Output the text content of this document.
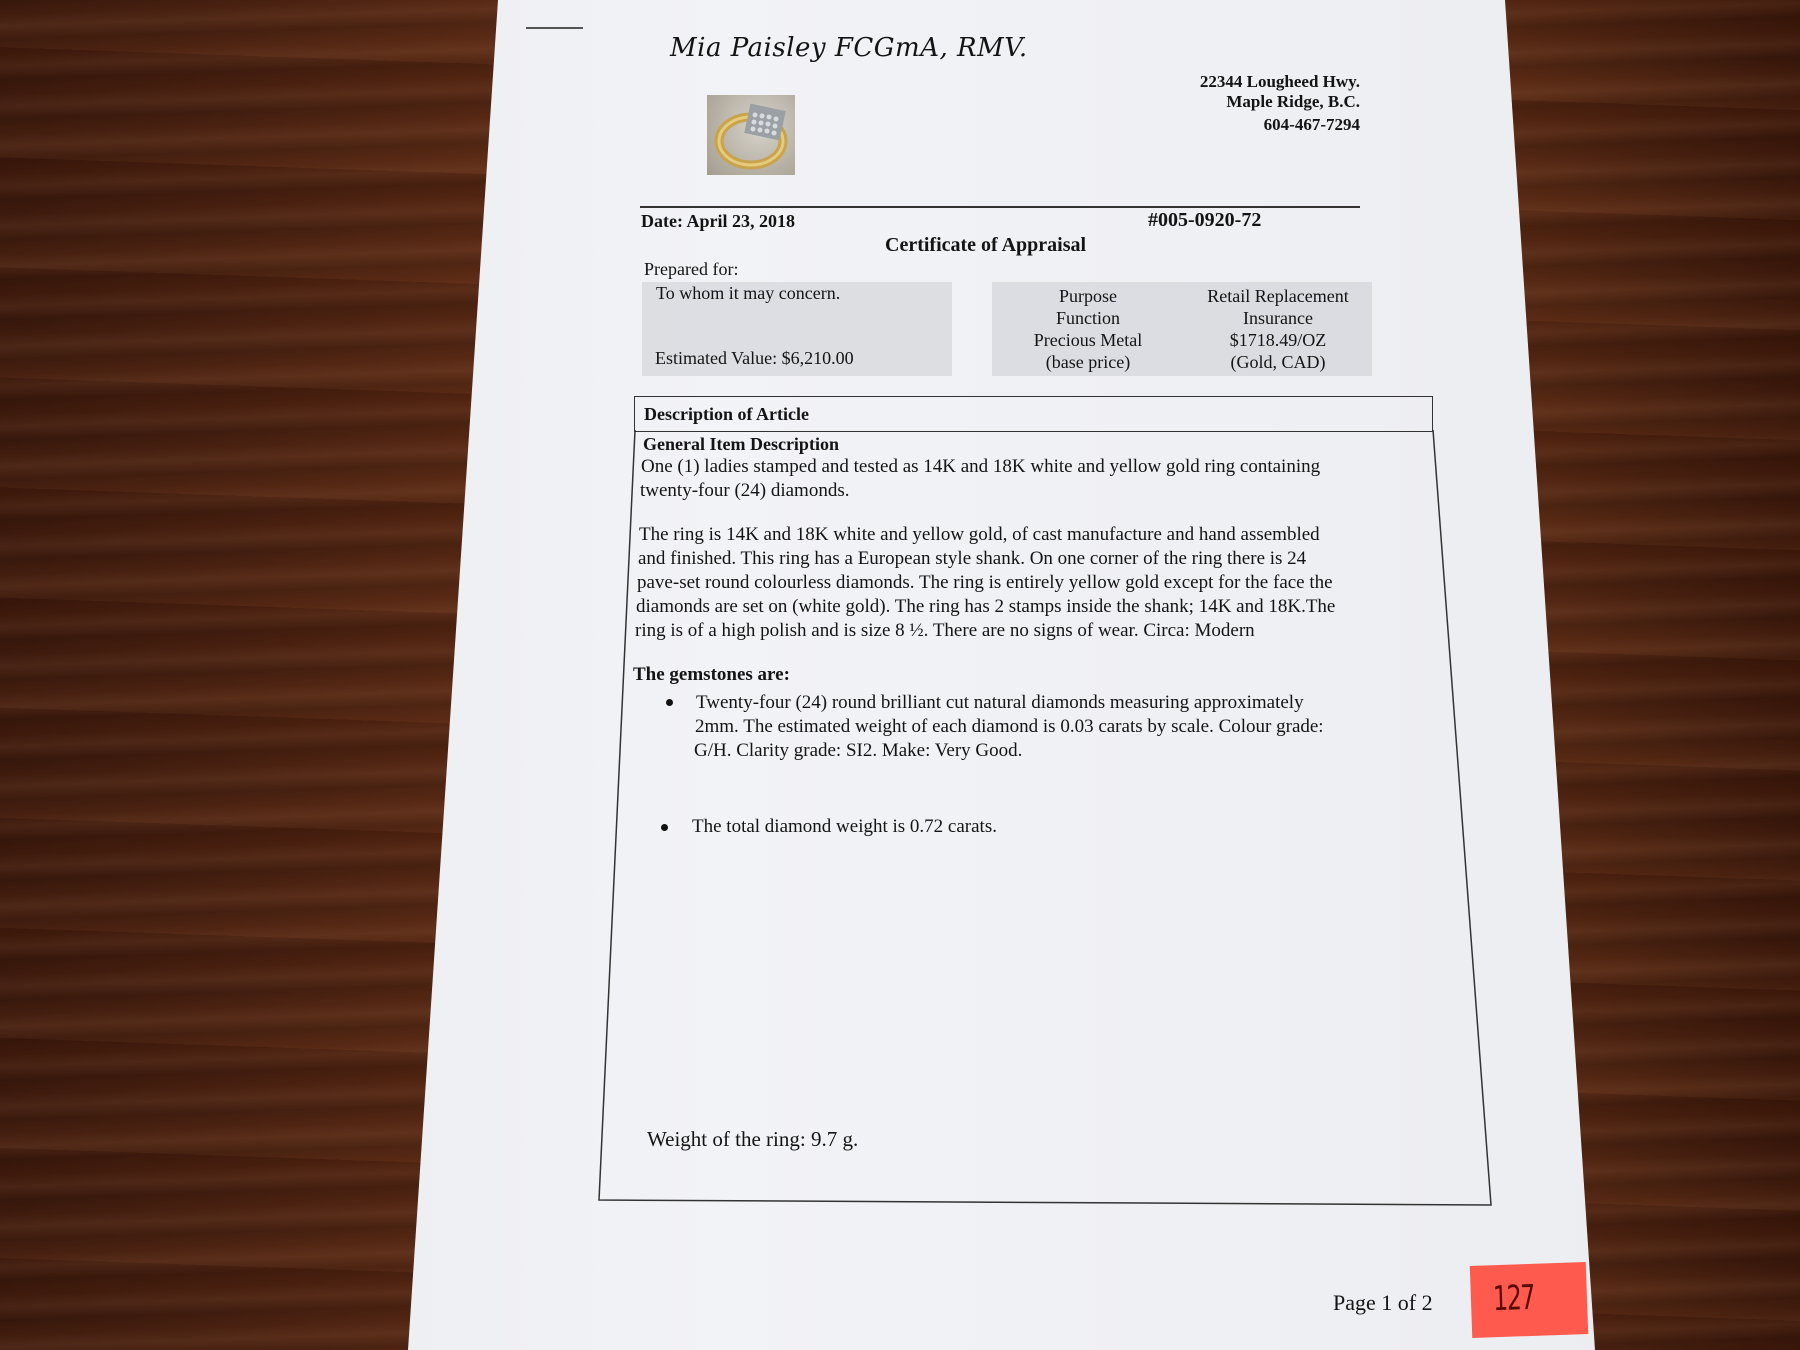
Mia Paisley FCGmA, RMV.
22344 Lougheed Hwy.
Maple Ridge, B.C.
604-467-7294
Date: April 23, 2018	#005-0920-72
Certificate of Appraisal
Prepared for:
To whom it may concern.
Estimated Value: $6,210.00
Purpose
Function
Precious Metal
(base price)
Retail Replacement
Insurance
$1718.49/OZ
(Gold, CAD)
Description of Article
General Item Description
One (1) ladies stamped and tested as 14K and 18K white and yellow gold ring containing
twenty-four (24) diamonds.
The ring is 14K and 18K white and yellow gold, of cast manufacture and hand assembled
and finished. This ring has a European style shank. On one corner of the ring there is 24
pave-set round colourless diamonds. The ring is entirely yellow gold except for the face the
diamonds are set on (white gold). The ring has 2 stamps inside the shank; 14K and 18K.The
ring is of a high polish and is size 8 ½. There are no signs of wear. Circa: Modern
The gemstones are:
Twenty-four (24) round brilliant cut natural diamonds measuring approximately
2mm. The estimated weight of each diamond is 0.03 carats by scale. Colour grade:
G/H. Clarity grade: SI2. Make: Very Good.
The total diamond weight is 0.72 carats.
Weight of the ring: 9.7 g.
Page 1 of 2 127
